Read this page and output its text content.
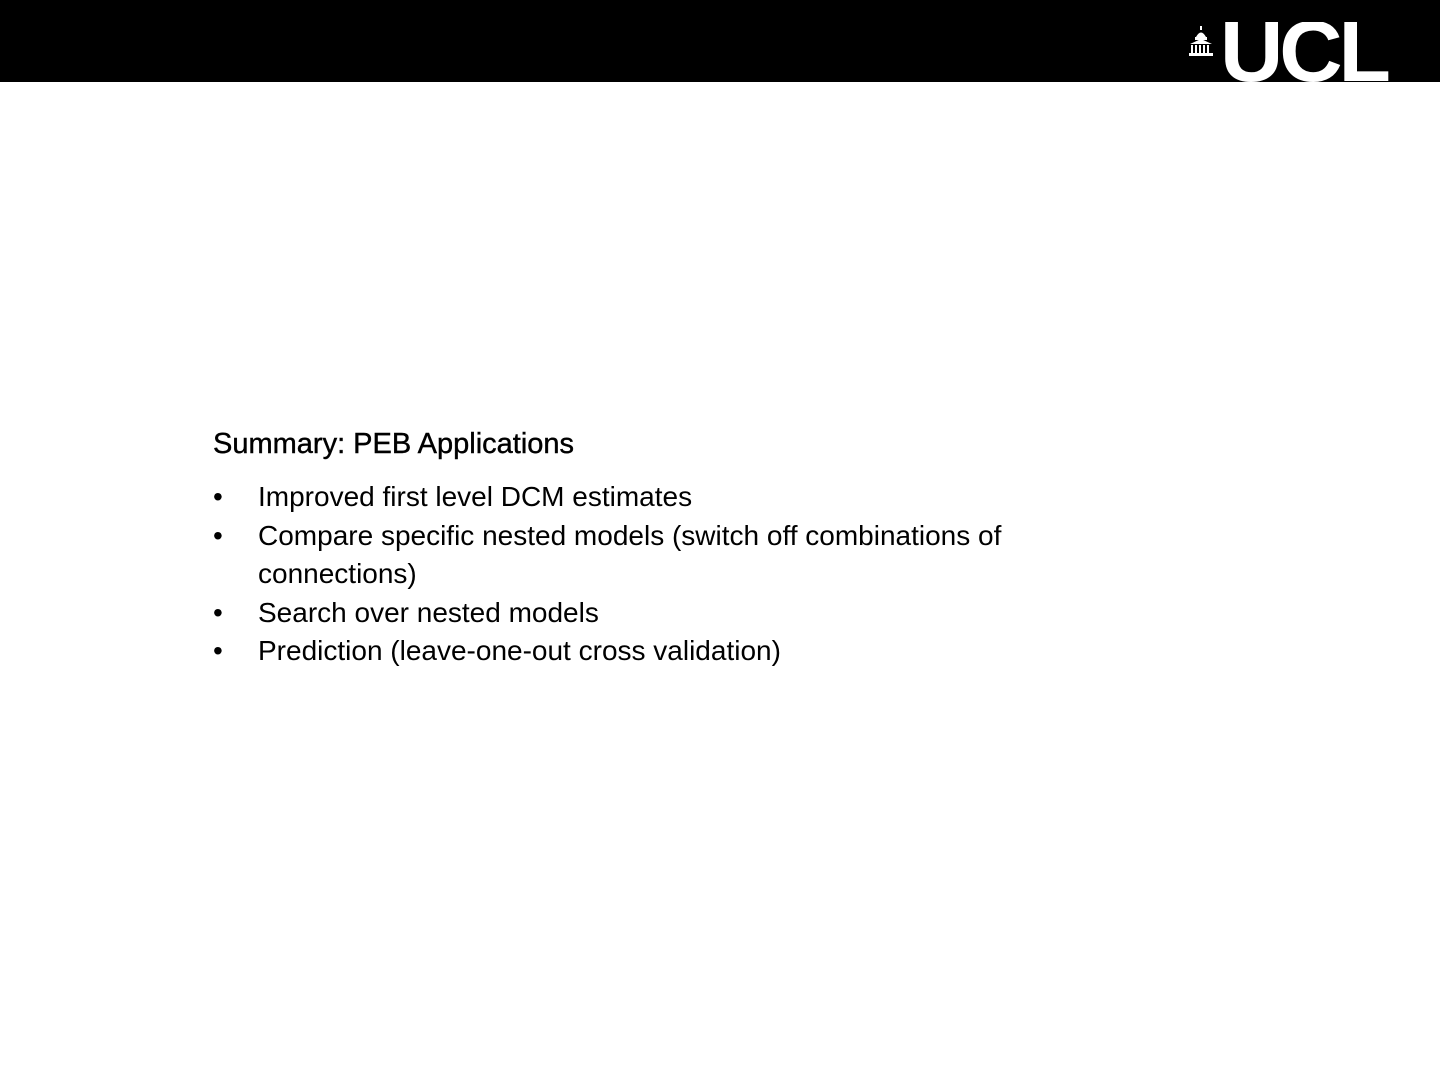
UCL
Summary: PEB Applications
•	Improved first level DCM estimates
•	Compare specific nested models (switch off combinations of connections)
•	Search over nested models
•	Prediction (leave-one-out cross validation)
